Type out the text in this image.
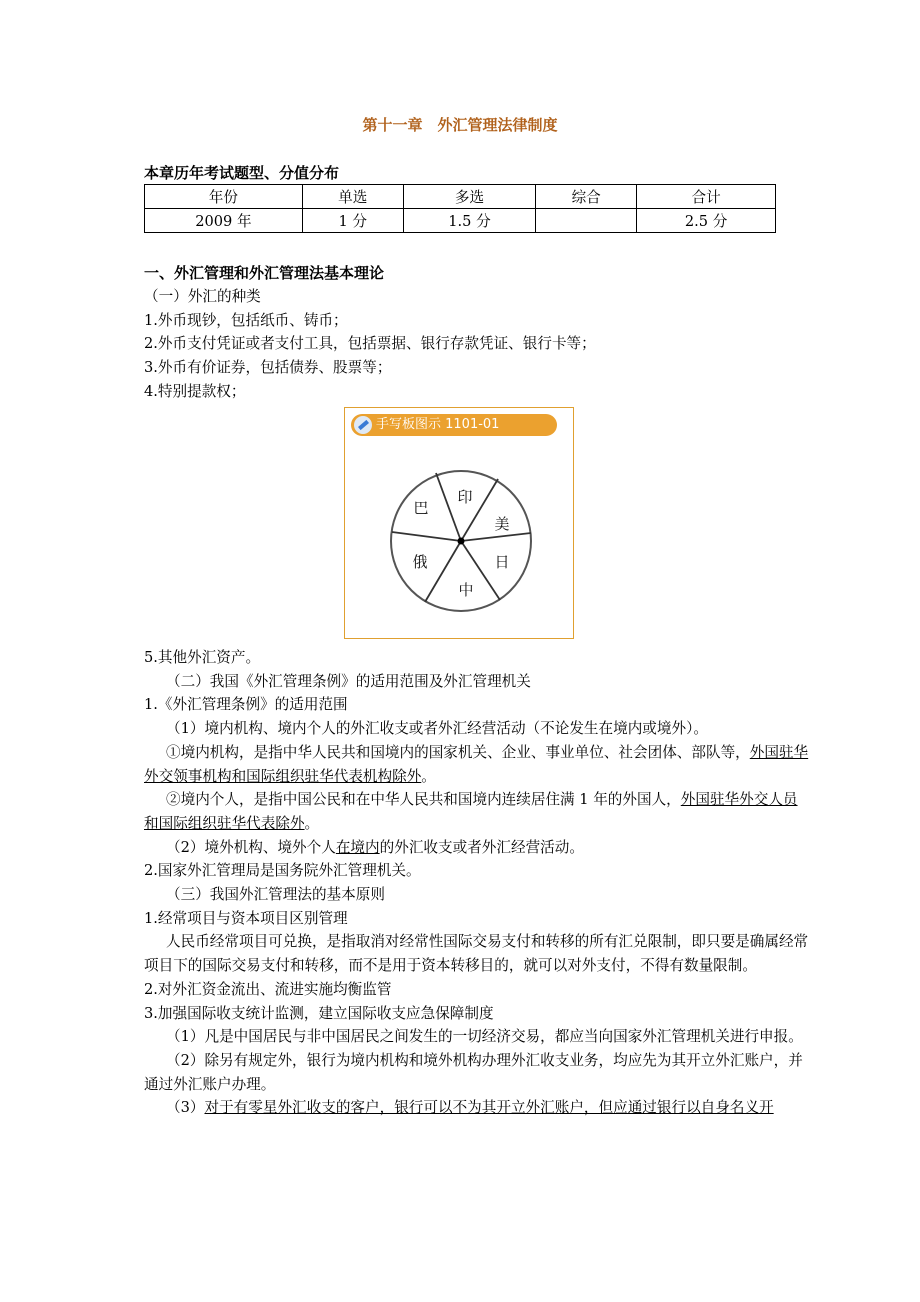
第十一章　外汇管理法律制度
本章历年考试题型、分值分布
年份	单选	多选	综合	合计
2009 年	1 分	1.5 分		2.5 分
一、外汇管理和外汇管理法基本理论

（一）外汇的种类

1.外币现钞，包括纸币、铸币；

2.外币支付凭证或者支付工具，包括票据、银行存款凭证、银行卡等；

3.外币有价证券，包括债券、股票等；

4.特别提款权；

手写板图示 1101-01
印
美
日
中
俄
巴

5.其他外汇资产。

（二）我国《外汇管理条例》的适用范围及外汇管理机关

1.《外汇管理条例》的适用范围

（1）境内机构、境内个人的外汇收支或者外汇经营活动（不论发生在境内或境外）。

①境内机构，是指中华人民共和国境内的国家机关、企业、事业单位、社会团体、部队等，外国驻华外交领事机构和国际组织驻华代表机构除外。

②境内个人，是指中国公民和在中华人民共和国境内连续居住满 1 年的外国人，外国驻华外交人员和国际组织驻华代表除外。

（2）境外机构、境外个人在境内的外汇收支或者外汇经营活动。

2.国家外汇管理局是国务院外汇管理机关。

（三）我国外汇管理法的基本原则

1.经常项目与资本项目区别管理

人民币经常项目可兑换，是指取消对经常性国际交易支付和转移的所有汇兑限制，即只要是确属经常项目下的国际交易支付和转移，而不是用于资本转移目的，就可以对外支付，不得有数量限制。

2.对外汇资金流出、流进实施均衡监管

3.加强国际收支统计监测，建立国际收支应急保障制度

（1）凡是中国居民与非中国居民之间发生的一切经济交易，都应当向国家外汇管理机关进行申报。

（2）除另有规定外，银行为境内机构和境外机构办理外汇收支业务，均应先为其开立外汇账户，并通过外汇账户办理。

（3）对于有零星外汇收支的客户，银行可以不为其开立外汇账户，但应通过银行以自身名义开
